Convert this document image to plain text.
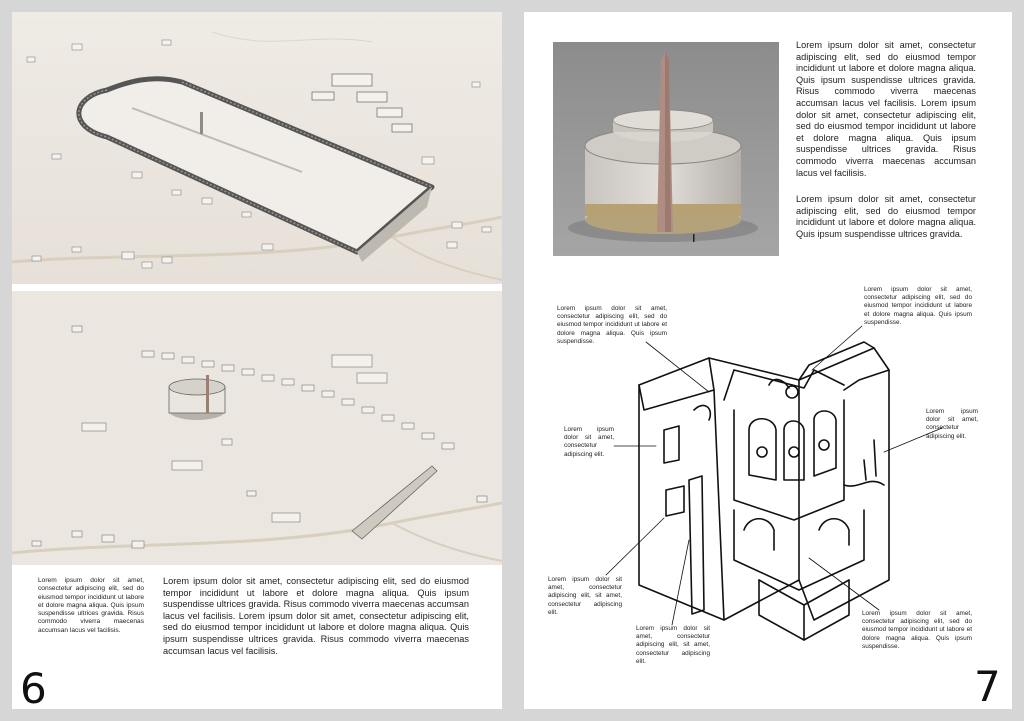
Lorem ipsum dolor sit amet, consectetur adipiscing elit, sed do eiusmod tempor incididunt ut labore et dolore magna aliqua. Quis ipsum suspendisse ultrices gravida. Risus commodo viverra maecenas accumsan lacus vel facilisis.
Lorem ipsum dolor sit amet, consectetur adipiscing elit, sed do eiusmod tempor incididunt ut labore et dolore magna aliqua. Quis ipsum suspendisse ultrices gravida. Risus commodo viverra maecenas accumsan lacus vel facilisis. Lorem ipsum dolor sit amet, consectetur adipiscing elit, sed do eiusmod tempor incididunt ut labore et dolore magna aliqua. Quis ipsum suspendisse ultrices gravida. Risus commodo viverra maecenas accumsan lacus vel facilisis.
6
Lorem ipsum dolor sit amet, consectetur adipiscing elit, sed do eiusmod tempor incididunt ut labore et dolore magna aliqua. Quis ipsum suspendisse ultrices gravida. Risus commodo viverra maecenas accumsan lacus vel facilisis. Lorem ipsum dolor sit amet, consectetur adipiscing elit, sed do eiusmod tempor incididunt ut labore et dolore magna aliqua. Quis ipsum suspendisse ultrices gravida. Risus commodo viverra maecenas accumsan lacus vel facilisis.
Lorem ipsum dolor sit amet, consectetur adipiscing elit, sed do eiusmod tempor incididunt ut labore et dolore magna aliqua. Quis ipsum suspendisse ultrices gravida.
Lorem ipsum dolor sit amet, consectetur adipiscing elit, sed do eiusmod tempor incididunt ut labore et dolore magna aliqua. Quis ipsum suspendisse.
Lorem ipsum dolor sit amet, consectetur adipiscing elit, sed do eiusmod tempor incididunt ut labore et dolore magna aliqua. Quis ipsum suspendisse.
Lorem ipsum dolor sit amet, consectetur adipiscing elit.
Lorem ipsum dolor sit amet, consectetur adipiscing elit.
Lorem ipsum dolor sit amet, consectetur adipiscing elit, sit amet, consectetur adipiscing elit.
Lorem ipsum dolor sit amet, consectetur adipiscing elit, sit amet, consectetur adipiscing elit.
Lorem ipsum dolor sit amet, consectetur adipiscing elit, sed do eiusmod tempor incididunt ut labore et dolore magna aliqua. Quis ipsum suspendisse.
7
